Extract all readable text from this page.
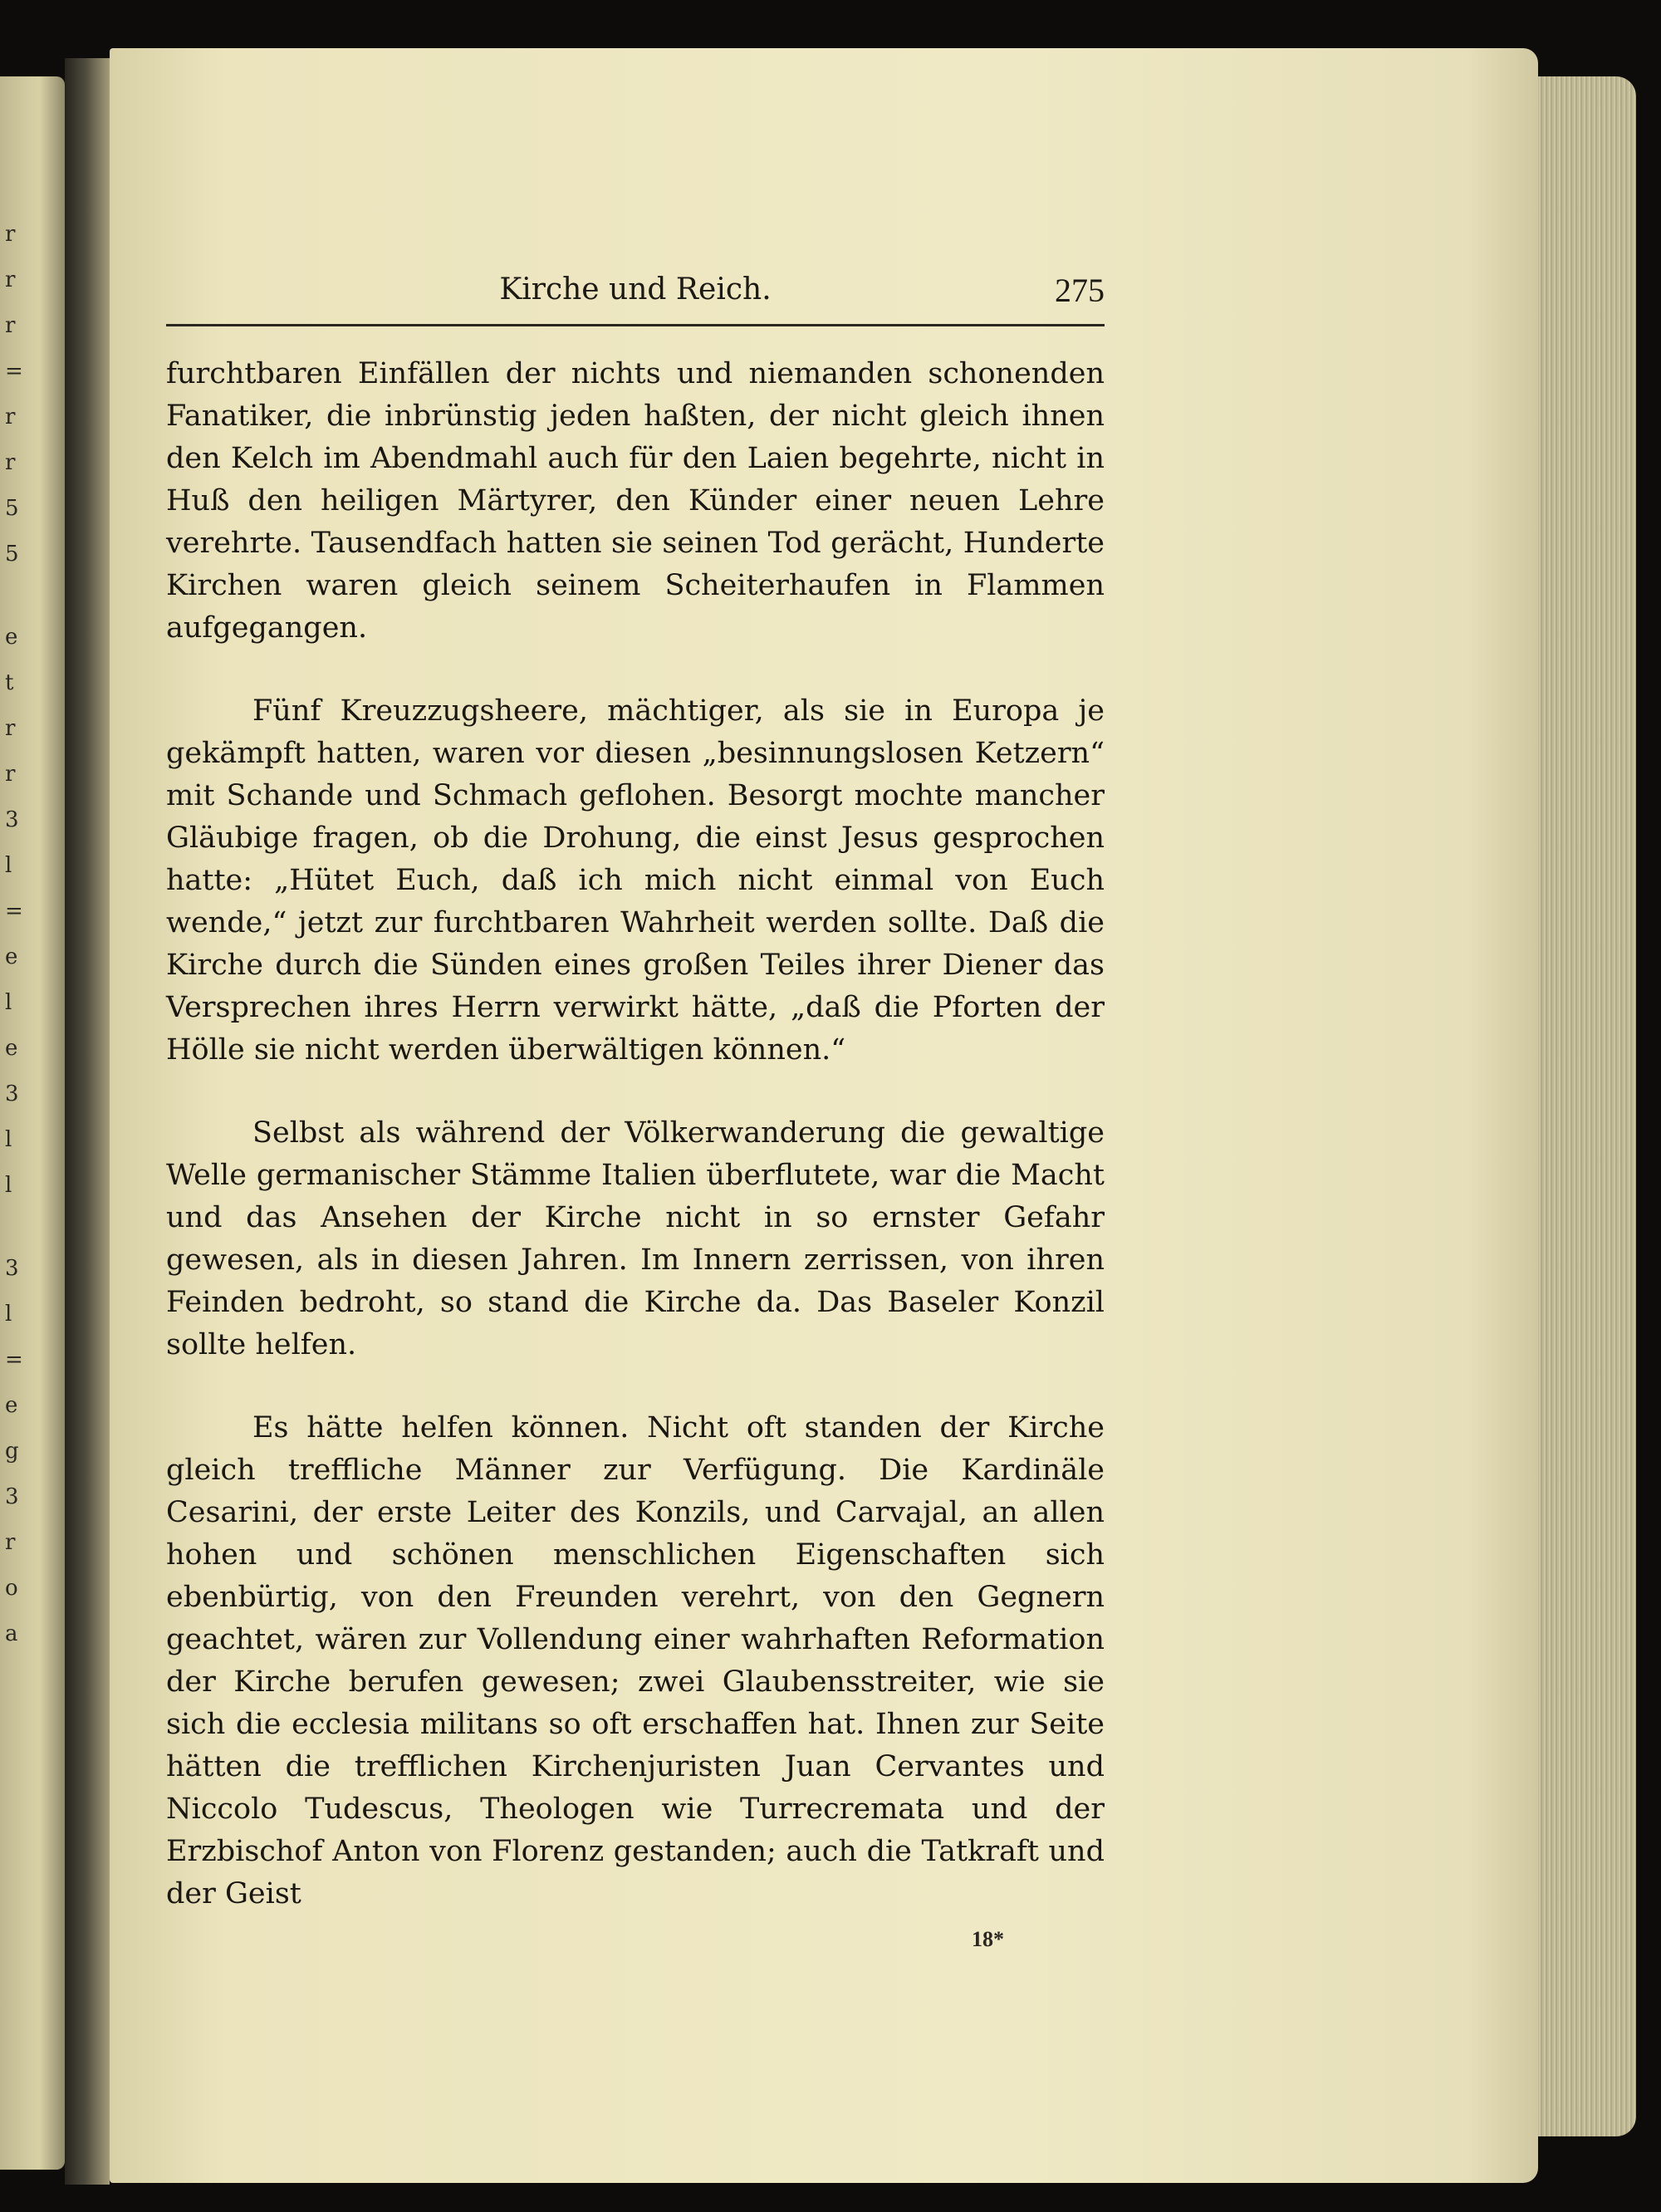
r
r
r
=
r
r
5
5
e
t
r
r
3
l
=
e
l
e
3
l
l
3
l
=
e
g
3
r
o
a
Kirche und Reich.	275

furchtbaren Einfällen der nichts und niemanden schonenden Fanatiker, die inbrünstig jeden haßten, der nicht gleich ihnen den Kelch im Abendmahl auch für den Laien begehrte, nicht in Huß den heiligen Märtyrer, den Künder einer neuen Lehre verehrte. Tausendfach hatten sie seinen Tod gerächt, Hunderte Kirchen waren gleich seinem Scheiterhaufen in Flammen aufgegangen.

Fünf Kreuzzugsheere, mächtiger, als sie in Europa je gekämpft hatten, waren vor diesen „besinnungslosen Ketzern“ mit Schande und Schmach geflohen. Besorgt mochte mancher Gläubige fragen, ob die Drohung, die einst Jesus gesprochen hatte: „Hütet Euch, daß ich mich nicht einmal von Euch wende,“ jetzt zur furchtbaren Wahrheit werden sollte. Daß die Kirche durch die Sünden eines großen Teiles ihrer Diener das Versprechen ihres Herrn verwirkt hätte, „daß die Pforten der Hölle sie nicht werden überwältigen können.“

Selbst als während der Völkerwanderung die gewaltige Welle germanischer Stämme Italien überflutete, war die Macht und das Ansehen der Kirche nicht in so ernster Gefahr gewesen, als in diesen Jahren. Im Innern zerrissen, von ihren Feinden bedroht, so stand die Kirche da. Das Baseler Konzil sollte helfen.

Es hätte helfen können. Nicht oft standen der Kirche gleich treffliche Männer zur Verfügung. Die Kardinäle Cesarini, der erste Leiter des Konzils, und Carvajal, an allen hohen und schönen menschlichen Eigenschaften sich ebenbürtig, von den Freunden verehrt, von den Gegnern geachtet, wären zur Vollendung einer wahrhaften Reformation der Kirche berufen gewesen; zwei Glaubensstreiter, wie sie sich die ecclesia militans so oft erschaffen hat. Ihnen zur Seite hätten die trefflichen Kirchenjuristen Juan Cervantes und Niccolo Tudescus, Theologen wie Turrecremata und der Erzbischof Anton von Florenz gestanden; auch die Tatkraft und der Geist

18*
